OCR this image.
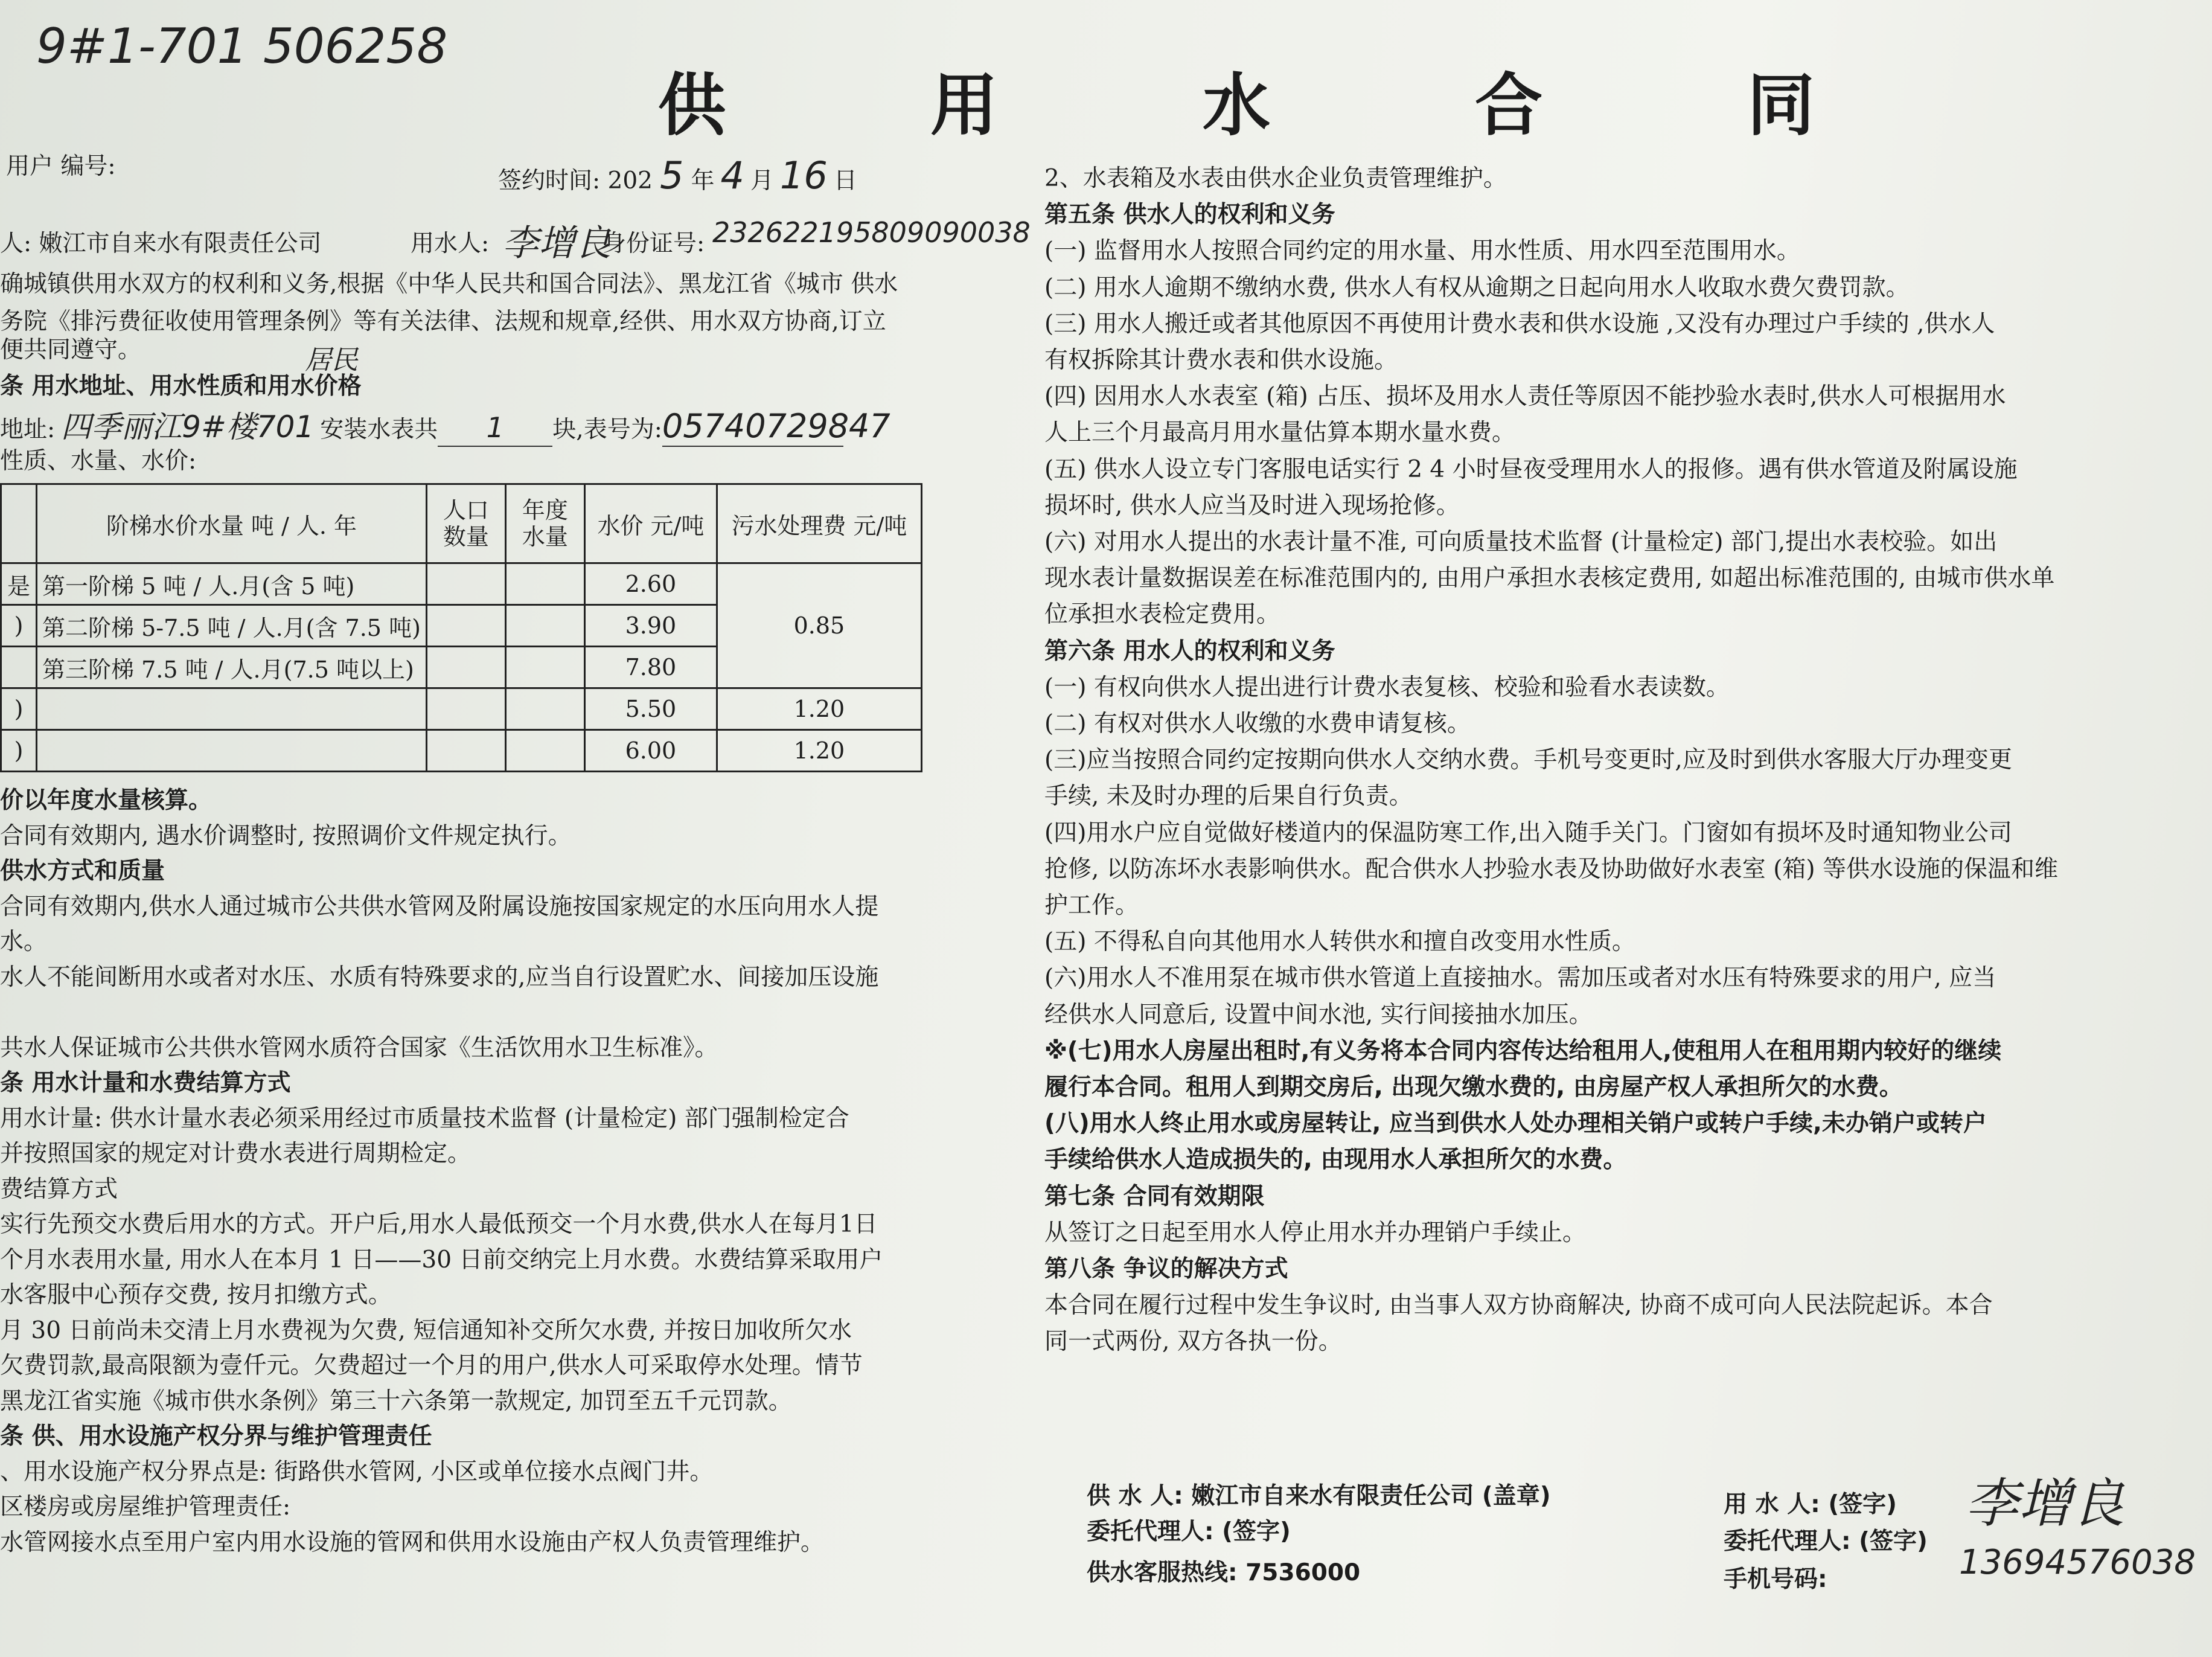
9#1-701 506258
供 用 水 合 同
用户 编号:
签约时间: 202 5 年 4 月 16 日
人: 嫩江市自来水有限责任公司	用水人: 李增良
身份证号: 232622195809090038
确城镇供用水双方的权利和义务,根据《中华人民共和国合同法》、黑龙江省《城市 供水
务院《排污费征收使用管理条例》等有关法律、法规和规章,经供、用水双方协商,订立
便共同遵守。	居民
条 用水地址、用水性质和用水价格
地址: 四季丽江9#楼701 安装水表共 1 块,表号为:05740729847
性质、水量、水价:
	阶梯水价水量 吨 / 人. 年	人口数量	年度水量	水价 元/吨	污水处理费 元/吨
是	第一阶梯 5 吨 / 人.月(含 5 吨)			2.60	0.85
)	第二阶梯 5-7.5 吨 / 人.月(含 7.5 吨)			3.90	
	第三阶梯 7.5 吨 / 人.月(7.5 吨以上)			7.80	
)				5.50	1.20
)				6.00	1.20
价以年度水量核算。
合同有效期内, 遇水价调整时, 按照调价文件规定执行。
供水方式和质量
合同有效期内,供水人通过城市公共供水管网及附属设施按国家规定的水压向用水人提
水。
水人不能间断用水或者对水压、水质有特殊要求的,应当自行设置贮水、间接加压设施
共水人保证城市公共供水管网水质符合国家《生活饮用水卫生标准》。
条 用水计量和水费结算方式
用水计量: 供水计量水表必须采用经过市质量技术监督 (计量检定) 部门强制检定合
并按照国家的规定对计费水表进行周期检定。
费结算方式
实行先预交水费后用水的方式。开户后,用水人最低预交一个月水费,供水人在每月1日
个月水表用水量, 用水人在本月 1 日——30 日前交纳完上月水费。水费结算采取用户
水客服中心预存交费, 按月扣缴方式。
月 30 日前尚未交清上月水费视为欠费, 短信通知补交所欠水费, 并按日加收所欠水
欠费罚款,最高限额为壹仟元。欠费超过一个月的用户,供水人可采取停水处理。情节
黑龙江省实施《城市供水条例》第三十六条第一款规定, 加罚至五千元罚款。
条 供、用水设施产权分界与维护管理责任
、用水设施产权分界点是: 街路供水管网, 小区或单位接水点阀门井。
区楼房或房屋维护管理责任:
水管网接水点至用户室内用水设施的管网和供用水设施由产权人负责管理维护。
2、水表箱及水表由供水企业负责管理维护。
第五条 供水人的权利和义务
(一) 监督用水人按照合同约定的用水量、用水性质、用水四至范围用水。
(二) 用水人逾期不缴纳水费, 供水人有权从逾期之日起向用水人收取水费欠费罚款。
(三) 用水人搬迁或者其他原因不再使用计费水表和供水设施 ,又没有办理过户手续的 ,供水人
有权拆除其计费水表和供水设施。
(四) 因用水人水表室 (箱) 占压、损坏及用水人责任等原因不能抄验水表时,供水人可根据用水
人上三个月最高月用水量估算本期水量水费。
(五) 供水人设立专门客服电话实行 2 4 小时昼夜受理用水人的报修。遇有供水管道及附属设施
损坏时, 供水人应当及时进入现场抢修。
(六) 对用水人提出的水表计量不准, 可向质量技术监督 (计量检定) 部门,提出水表校验。如出
现水表计量数据误差在标准范围内的, 由用户承担水表核定费用, 如超出标准范围的, 由城市供水单
位承担水表检定费用。
第六条 用水人的权利和义务
(一) 有权向供水人提出进行计费水表复核、校验和验看水表读数。
(二) 有权对供水人收缴的水费申请复核。
(三)应当按照合同约定按期向供水人交纳水费。手机号变更时,应及时到供水客服大厅办理变更
手续, 未及时办理的后果自行负责。
(四)用水户应自觉做好楼道内的保温防寒工作,出入随手关门。门窗如有损坏及时通知物业公司
抢修, 以防冻坏水表影响供水。配合供水人抄验水表及协助做好水表室 (箱) 等供水设施的保温和维
护工作。
(五) 不得私自向其他用水人转供水和擅自改变用水性质。
(六)用水人不准用泵在城市供水管道上直接抽水。需加压或者对水压有特殊要求的用户, 应当
经供水人同意后, 设置中间水池, 实行间接抽水加压。
※(七)用水人房屋出租时,有义务将本合同内容传达给租用人,使租用人在租用期内较好的继续
履行本合同。租用人到期交房后, 出现欠缴水费的, 由房屋产权人承担所欠的水费。
(八)用水人终止用水或房屋转让, 应当到供水人处办理相关销户或转户手续,未办销户或转户
手续给供水人造成损失的, 由现用水人承担所欠的水费。
第七条 合同有效期限
从签订之日起至用水人停止用水并办理销户手续止。
第八条 争议的解决方式
本合同在履行过程中发生争议时, 由当事人双方协商解决, 协商不成可向人民法院起诉。本合
同一式两份, 双方各执一份。
供 水 人: 嫩江市自来水有限责任公司 (盖章)
委托代理人: (签字)
供水客服热线: 7536000
用 水 人: (签字)
委托代理人: (签字)
手机号码:
李增良
13694576038
